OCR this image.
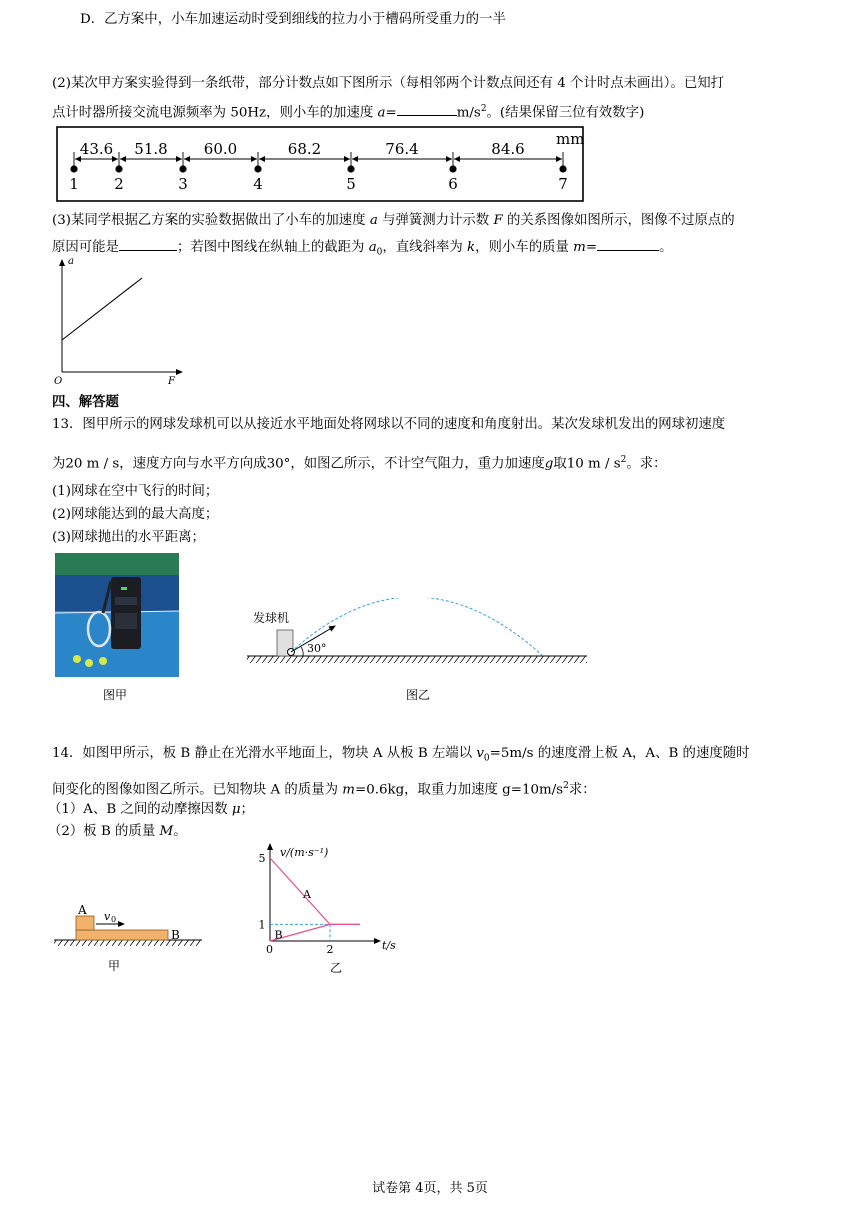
D．乙方案中，小车加速运动时受到细线的拉力小于槽码所受重力的一半
(2)某次甲方案实验得到一条纸带，部分计数点如下图所示（每相邻两个计数点间还有 4 个计时点未画出）。已知打
点计时器所接交流电源频率为 50Hz，则小车的加速度 a=	$m/s^2$。(结果保留三位有效数字)
mm
1 2	3	4	5	6	7
43.6 51.8 60.0	68.2	76.4	84.6
(3)某同学根据乙方案的实验数据做出了小车的加速度 a 与弹簧测力计示数 F 的关系图像如图所示，图像不过原点的
原因可能是	；若图中图线在纵轴上的截距为 $a_0$，直线斜率为 k，则小车的质量 m=	。
a
F
O
四、解答题
13．图甲所示的网球发球机可以从接近水平地面处将网球以不同的速度和角度射出。某次发球机发出的网球初速度
为20 m / s，速度方向与水平方向成30°，如图乙所示，不计空气阻力，重力加速度g取10 m / $s^2$。求：
(1)网球在空中飞行的时间；
(2)网球能达到的最大高度；
(3)网球抛出的水平距离；
图甲
30°
发球机
图乙
14．如图甲所示，板 B 静止在光滑水平地面上，物块 A 从板 B 左端以 $v_0=5m/s$ 的速度滑上板 A，A、B 的速度随时
间变化的图像如图乙所示。已知物块 A 的质量为 m=0.6kg，取重力加速度 $g=10m/s^2$求：
（1）A、B 之间的动摩擦因数 μ；
（2）板 B 的质量 M。
A
B
v 0
甲
A
B
1
5
2
v/(m·s⁻¹)
t/s
0
乙
试卷第 4页，共 5页
